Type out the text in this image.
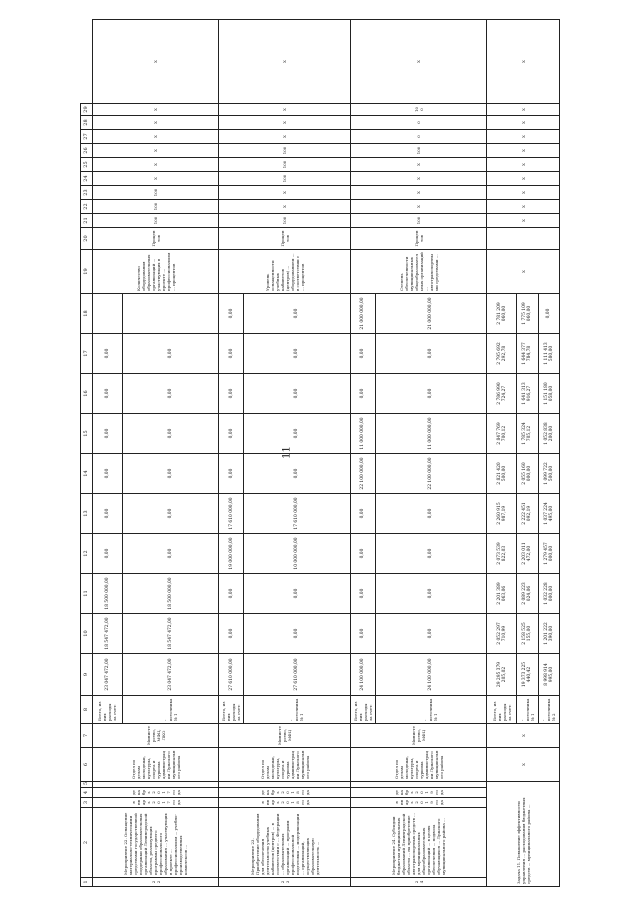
11
1	2	3	4	5	6	7	8	9	10	11	12	13	14	15	16	17	18	19	20	21	22	23	24	25	26	27	28	29	
22	Мероприятие 22. Оснащение материально-техническими средствами государственной поддержки образовательных организаций Ленинградской области, реализующих программы среднего профессионального образования ... участвующих в проекте ... профессионализм ... учебно-производственных комплексов ...	январь 2017 года	декабрь 2017 года		Отдел по делам молодежи, культуры, спорта и туризма администрации Лужского муниципального района	Министерство, МФЦ, ЛКО	Всего, из них расходы за счет:	23 047 472,00	18 547 472,00	18 500 000,00	0,00	0,00	0,00	0,00	0,00	0,00		Количество оборудования образовательных организаций ... участвующих в проекте ... профессионализм ... процентов	Процентов	100	100	100	X	X	X	X	X	X	X
							- источника № 1	23 047 472,00	18 547 472,00	18 500 000,00	0,00	0,00	0,00	0,00	0,00	0,00													
23	Мероприятие 23. Приобретение оборудования для обеспечения деятельности учебных кабинетов (центров) ... в соответствии с ... Федерации ... образовательных организаций ... программ профессиональной подготовки ... модернизации ... организаций, осуществляющих образовательную деятельность ...	январь 2018 года	декабрь 2018 года		Отдел по делам молодежи, культуры, спорта и туризма администрации Лужского муниципального района	Министерство, МФЦ	Всего, из них расходы за счет:	27 610 000,00	0,00	0,00	19 000 000,00	17 610 000,00	0,00	0,00	0,00	0,00	0,00	Уровень оснащенности учебных кабинетов (центров) ... оборудованием ... в соответствии с ... процентов	Процентов	100	X	X	100	100	100	X	X	X	X
							- источника № 1	27 610 000,00	0,00	0,00	10 000 000,00	17 610 000,00	0,00	0,00	0,00	0,00	0,00												
24	Мероприятие 24. Субсидии бюджетам муниципальных образований Ленинградской области ... на приобретение автотранспортных средств ... для муниципальных общеобразовательных организаций ... в целях обеспечения ... подвоза обучающихся ... Лужского муниципального района ...	январь 2019 года	декабрь 2019 года		Отдел по делам молодежи, культуры, спорта и туризма администрации Лужского муниципального района	Министерство, МФЦ	Всего, из них расходы за счет:	24 100 000,00	0,00	0,00	0,00	0,00	22 100 000,00	11 000 000,00	0,00	0,00	21 000 000,00	Степень обеспеченности муниципальных общеобразовательных организаций ... автотранспортными средствами ...	Процентов	100	X	X	X	X	100	0	0	100	X
							- источника № 1	24 100 000,00	0,00	0,00	0,00	0,00	22 100 000,00	11 000 000,00	0,00	0,00	21 000 000,00												
Задача 11. Повышение эффективности управления ... расходования бюджетных средств ... муниципального района ...					X	X	Всего, из них расходы за счет:	29 295 379 205,02	2 052 297 710,99	2 201 389 063,06	2 073 539 822,03	2 260 915 987,19	2 821 420 500,00	2 847 769 700,12	2 786 990 724,27	2 795 692 292,78	2 781 209 060,00	X		X	X	X	X	X	X	X	X	X	X
							- источника № 1	19 373 225 440,42	2 158 525 155,00	2 089 223 024,06	2 203 011 472,00	2 222 451 092,19	2 055 160 000,00	1 785 324 705,12	1 641 313 916,27	1 644 377 784,78	1 775 109 060,00												
							- источника № 2	8 998 914 995,00	1 201 222 390,00	1 032 228 000,00	1 279 457 000,00	1 037 224 495,00	1 099 722 500,00	1 052 838 200,00	1 151 180 058,00	1 111 413 580,00	0,00												
